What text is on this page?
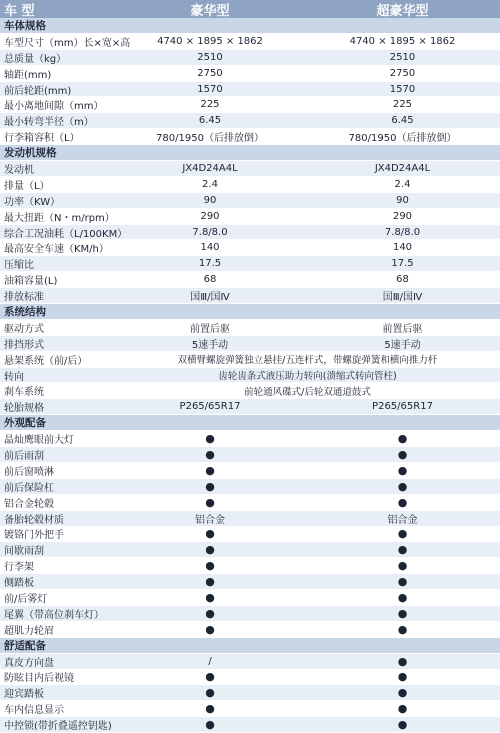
车 型	豪华型	超豪华型
车体规格
车型尺寸（mm）长×宽×高	4740 × 1895 × 1862	4740 × 1895 × 1862
总质量（kg）	2510	2510
轴距(mm)	2750	2750
前后轮距(mm)	1570	1570
最小离地间隙（mm）	225	225
最小转弯半径（m）	6.45	6.45
行李箱容积（L）	780/1950（后排放倒）	780/1950（后排放倒）
发动机规格
发动机	JX4D24A4L	JX4D24A4L
排量（L）	2.4	2.4
功率（KW）	90	90
最大扭距（N・m/rpm）	290	290
综合工况油耗（L/100KM）	7.8/8.0	7.8/8.0
最高安全车速（KM/h）	140	140
压缩比	17.5	17.5
油箱容量(L)	68	68
排放标准	国Ⅲ/国Ⅳ	国Ⅲ/国Ⅳ
系统结构
驱动方式	前置后驱	前置后驱
排挡形式	5速手动	5速手动
悬架系统（前/后）	双横臂螺旋弹簧独立悬挂/五连杆式，带螺旋弹簧和横向推力杆
转向	齿轮齿条式液压助力转向(溃缩式转向管柱)
刹车系统	前轮通风碟式/后轮双通道鼓式
轮胎规格	P265/65R17	P265/65R17
外观配备
晶灿鹰眼前大灯	●	●
前后雨刮	●	●
前后窗喷淋	●	●
前后保险杠	●	●
铝合金轮毂	●	●
备胎轮毂材质	铝合金	铝合金
镀铬门外把手	●	●
间歇雨刮	●	●
行李架	●	●
侧踏板	●	●
前/后雾灯	●	●
尾翼（带高位刹车灯）	●	●
超肌力轮眉	●	●
舒适配备
真皮方向盘	/	●
防眩目内后视镜	●	●
迎宾踏板	●	●
车内信息显示	●	●
中控锁(带折叠遥控钥匙)	●	●
